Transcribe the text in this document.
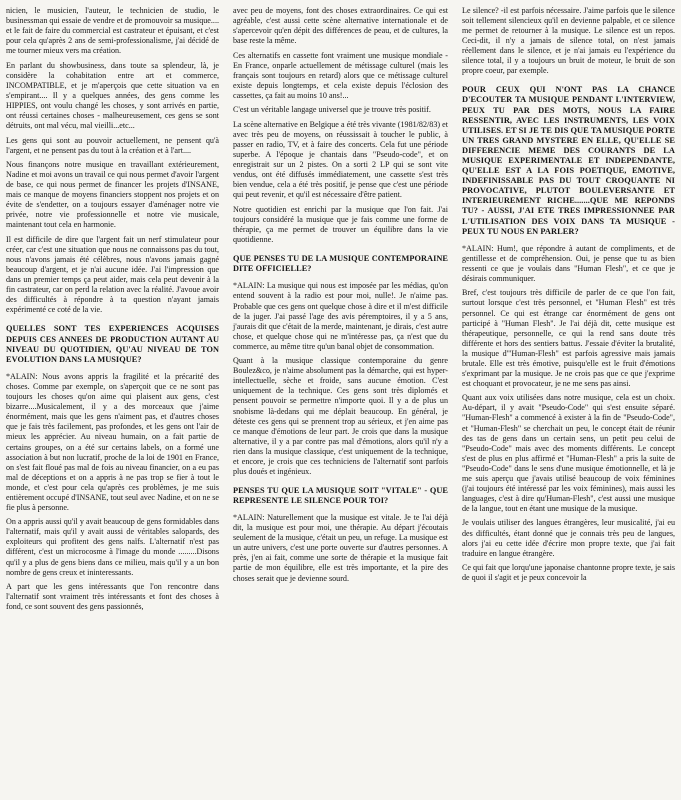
nicien, le musicien, l'auteur, le technicien de studio, le businessman qui essaie de vendre et de promouvoir sa musique.... et le fait de faire du commercial est castrateur et épuisant, et c'est pour cela qu'après 2 ans de semi-professionalisme, j'ai décidé de me tourner mieux vers ma création.

En parlant du showbusiness, dans toute sa splendeur, là, je considère la cohabitation entre art et commerce, INCOMPATIBLE, et je m'aperçois que cette situation va en s'empirant.... Il y a quelques années, des gens comme les HIPPIES, ont voulu changé les choses, y sont arrivés en partie, ont réussi certaines choses - malheureusement, ces gens se sont détruits, ont mal vécu, mal vieilli...etc...

Les gens qui sont au pouvoir actuellement, ne pensent qu'à l'argent, et ne pensent pas du tout à la création et à l'art....

Nous finançons notre musique en travaillant extérieurement, Nadine et moi avons un travail ce qui nous permet d'avoir l'argent de base, ce qui nous permet de financer les projets d'INSANE, mais ce manque de moyens financiers stoppent nos projets et on évite de s'endetter, on a toujours essayer d'aménager notre vie privée, notre vie professionnelle et notre vie musicale, maintenant tout cela en harmonie.

Il est difficile de dire que l'argent fait un nerf stimulateur pour créer, car c'est une situation que nous ne connaissons pas du tout, nous n'avons jamais été célèbres, nous n'avons jamais gagné beaucoup d'argent, et je n'ai aucune idée. J'ai l'impression que dans un premier temps ça peut aider, mais cela peut devenir à la fin castrateur, car on perd la relation avec la réalité. J'avoue avoir des difficultés à répondre à ta question n'ayant jamais expérimenté ce coté de la vie.

QUELLES SONT TES EXPERIENCES ACQUISES DEPUIS CES ANNEES DE PRODUCTION AUTANT AU NIVEAU DU QUOTIDIEN, QU'AU NIVEAU DE TON EVOLUTION DANS LA MUSIQUE?

*ALAIN: Nous avons appris la fragilité et la précarité des choses. Comme par exemple, on s'aperçoit que ce ne sont pas toujours les choses qu'on aime qui plaisent aux gens, c'est bizarre....Musicalement, il y a des morceaux que j'aime énormément, mais que les gens n'aiment pas, et d'autres choses que je fais très facilement, pas profondes, et les gens ont l'air de mieux les apprécier. Au niveau humain, on a fait partie de certains groupes, on a été sur certains labels, on a formé une association à but non lucratif, proche de la loi de 1901 en France, on s'est fait floué pas mal de fois au niveau financier, on a eu pas mal de déceptions et on a appris à ne pas trop se fier à tout le monde, et c'est pour cela qu'après ces problèmes, je me suis entièrement occupé d'INSANE, tout seul avec Nadine, et on ne se fie plus à personne.

On a appris aussi qu'il y avait beaucoup de gens formidables dans l'alternatif, mais qu'il y avait aussi de véritables salopards, des exploiteurs qui profitent des gens naïfs. L'alternatif n'est pas différent, c'est un microcosme à l'image du monde .........Disons qu'il y a plus de gens biens dans ce milieu, mais qu'il y a un bon nombre de gens creux et ininteressants.

A part que les gens intéressants que l'on rencontre dans l'alternatif sont vraiment très intéressants et font des choses à fond, ce sont souvent des gens passionnés,

avec peu de moyens, font des choses extraordinaires. Ce qui est agréable, c'est aussi cette scène alternative internationale et de s'apercevoir qu'en dépit des différences de peau, et de cultures, la base reste la même.

Ces alternatifs en cassette font vraiment une musique mondiale - En France, onparle actuellement de métissage culturel (mais les français sont toujours en retard) alors que ce métissage culturel existe depuis longtemps, et cela existe depuis l'éclosion des cassettes, ça fait au moins 10 ans!...

C'est un véritable langage universel que je trouve très positif.

La scène alternative en Belgique a été très vivante (1981/82/83) et avec très peu de moyens, on réussissait à toucher le public, à passer en radio, TV, et à faire des concerts. Cela fut une période superbe. A l'époque je chantais dans "Pseudo-code", et on enregistrait sur un 2 pistes. On a sorti 2 LP qui se sont vite vendus, ont été diffusés immédiatement, une cassette s'est très bien vendue, cela a été très positif, je pense que c'est une période qui peut revenir, et qu'il est nécessaire d'être patient.

Notre quotidien est enrichi par la musique que l'on fait. J'ai toujours considéré la musique que je fais comme une forme de thérapie, ça me permet de trouver un équilibre dans la vie quotidienne.

QUE PENSES TU DE LA MUSIQUE CONTEMPORAINE DITE OFFICIELLE?

*ALAIN: La musique qui nous est imposée par les médias, qu'on entend souvent à la radio est pour moi, nulle!. Je n'aime pas. Probable que ces gens ont quelque chose à dire et il m'est difficile de la juger. J'ai passé l'age des avis péremptoires, il y a 5 ans, j'aurais dit que c'était de la merde, maintenant, je dirais, c'est autre chose, et quelque chose qui ne m'intéresse pas, ça n'est que du commerce, au même titre qu'un banal objet de consommation.

Quant à la musique classique contemporaine du genre Boulez&co, je n'aime absolument pas la démarche, qui est hyper-intellectuelle, sèche et froide, sans aucune émotion. C'est uniquement de la technique. Ces gens sont très diplomés et pensent pouvoir se permettre n'importe quoi. Il y a de plus un snobisme là-dedans qui me déplait beaucoup. En général, je déteste ces gens qui se prennent trop au sérieux, et j'en aime pas ce manque d'émotions de leur part. Je crois que dans la musique alternative, il y a par contre pas mal d'émotions, alors qu'il n'y a rien dans la musique classique, c'est uniquement de la technique, et encore, je crois que ces techniciens de l'alternatif sont parfois plus doués et ingénieux.

PENSES TU QUE LA MUSIQUE SOIT "VITALE" - QUE REPRESENTE LE SILENCE POUR TOI?

*ALAIN: Naturellement que la musique est vitale. Je te l'ai déjà dit, la musique est pour moi, une thérapie. Au départ j'écoutais seulement de la musique, c'était un peu, un refuge. La musique est un autre univers, c'est une porte ouverte sur d'autres personnes. A près, j'en ai fait, comme une sorte de thérapie et la musique fait partie de mon équilibre, elle est très importante, et la pire des choses serait que je devienne sourd.

Le silence? -il est parfois nécessaire. J'aime parfois que le silence soit tellement silencieux qu'il en devienne palpable, et ce silence me permet de retourner à la musique. Le silence est un repos. Ceci-dit, il n'y a jamais de silence total, on n'est jamais réellement dans le silence, et je n'ai jamais eu l'expérience du silence total, il y a toujours un bruit de moteur, le bruit de son propre coeur, par exemple.

POUR CEUX QUI N'ONT PAS LA CHANCE D'ECOUTER TA MUSIQUE PENDANT L'INTERVIEW, PEUX TU PAR DES MOTS, NOUS LA FAIRE RESSENTIR, AVEC LES INSTRUMENTS, LES VOIX UTILISES. ET SI JE TE DIS QUE TA MUSIQUE PORTE UN TRES GRAND MYSTERE EN ELLE, QU'ELLE SE DIFFERENCIE MEME DES COURANTS DE LA MUSIQUE EXPERIMENTALE ET INDEPENDANTE, QU'ELLE EST A LA FOIS POETIQUE, EMOTIVE, INDEFINISSABLE PAS DU TOUT CROQUANTE NI PROVOCATIVE, PLUTOT BOULEVERSANTE ET INTERIEUREMENT RICHE.......QUE ME REPONDS TU? - AUSSI, J'AI ETE TRES IMPRESSIONNEE PAR L'UTILISATION DES VOIX DANS TA MUSIQUE - PEUX TU NOUS EN PARLER?

*ALAIN: Hum!, que répondre à autant de compliments, et de gentillesse et de compréhension. Oui, je pense que tu as bien ressenti ce que je voulais dans "Human Flesh", et ce que je désirais communiquer.

Bref, c'est toujours très difficile de parler de ce que l'on fait, surtout lorsque c'est très personnel, et "Human Flesh" est très personnel. Ce qui est étrange car énormément de gens ont participé à "Human Flesh". Je l'ai déjà dit, cette musique est thérapeutique, personnelle, ce qui la rend sans doute très différente et hors des sentiers battus. J'essaie d'éviter la brutalité, la musique d'"Human-Flesh" est parfois agressive mais jamais brutale. Elle est très émotive, puisqu'elle est le fruit d'émotions s'exprimant par la musique. Je ne crois pas que ce que j'exprime est choquant et provocateur, je ne me sens pas ainsi.

Quant aux voix utilisées dans notre musique, cela est un choix. Au-départ, il y avait "Pseudo-Code" qui s'est ensuite séparé. "Human-Flesh" a commencé à exister à la fin de "Pseudo-Code", et "Human-Flesh" se cherchait un peu, le concept était de réunir des tas de gens dans un certain sens, un petit peu celui de "Pseudo-Code" mais avec des moments différents. Le concept s'est de plus en plus affirmé et "Human-Flesh" a pris la suite de "Pseudo-Code" dans le sens d'une musique émotionnelle, et là je me suis aperçu que j'avais utilisé beaucoup de voix féminines (j'ai toujours été intéressé par les voix féminines), mais aussi les languages, c'est à dire qu'Human-Flesh", c'est aussi une musique de la langue, tout en étant une musique de la musique.

Je voulais utiliser des langues étrangères, leur musicalité, j'ai eu des difficultés, étant donné que je connais très peu de langues, alors j'ai eu cette idée d'écrire mon propre texte, que j'ai fait traduire en langue étrangère.

Ce qui fait que lorqu'une japonaise chantonne propre texte, je sais de quoi il s'agit et je peux concevoir la
